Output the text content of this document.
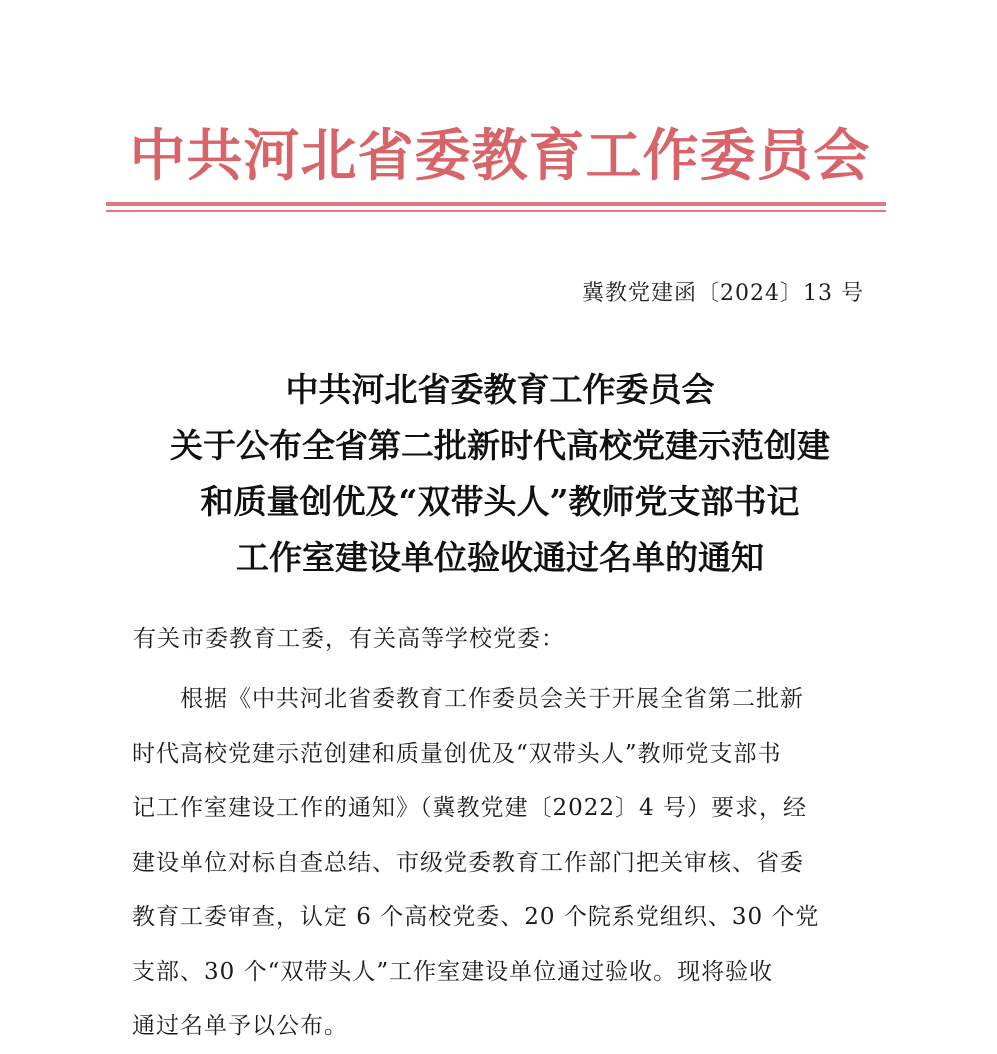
中共河北省委教育工作委员会
冀教党建函〔2024〕13 号
中共河北省委教育工作委员会
关于公布全省第二批新时代高校党建示范创建
和质量创优及“双带头人”教师党支部书记
工作室建设单位验收通过名单的通知
有关市委教育工委，有关高等学校党委：
根据《中共河北省委教育工作委员会关于开展全省第二批新
时代高校党建示范创建和质量创优及“双带头人”教师党支部书
记工作室建设工作的通知》（冀教党建〔2022〕4 号）要求，经
建设单位对标自查总结、市级党委教育工作部门把关审核、省委
教育工委审查，认定 6 个高校党委、20 个院系党组织、30 个党
支部、30 个“双带头人”工作室建设单位通过验收。现将验收
通过名单予以公布。
